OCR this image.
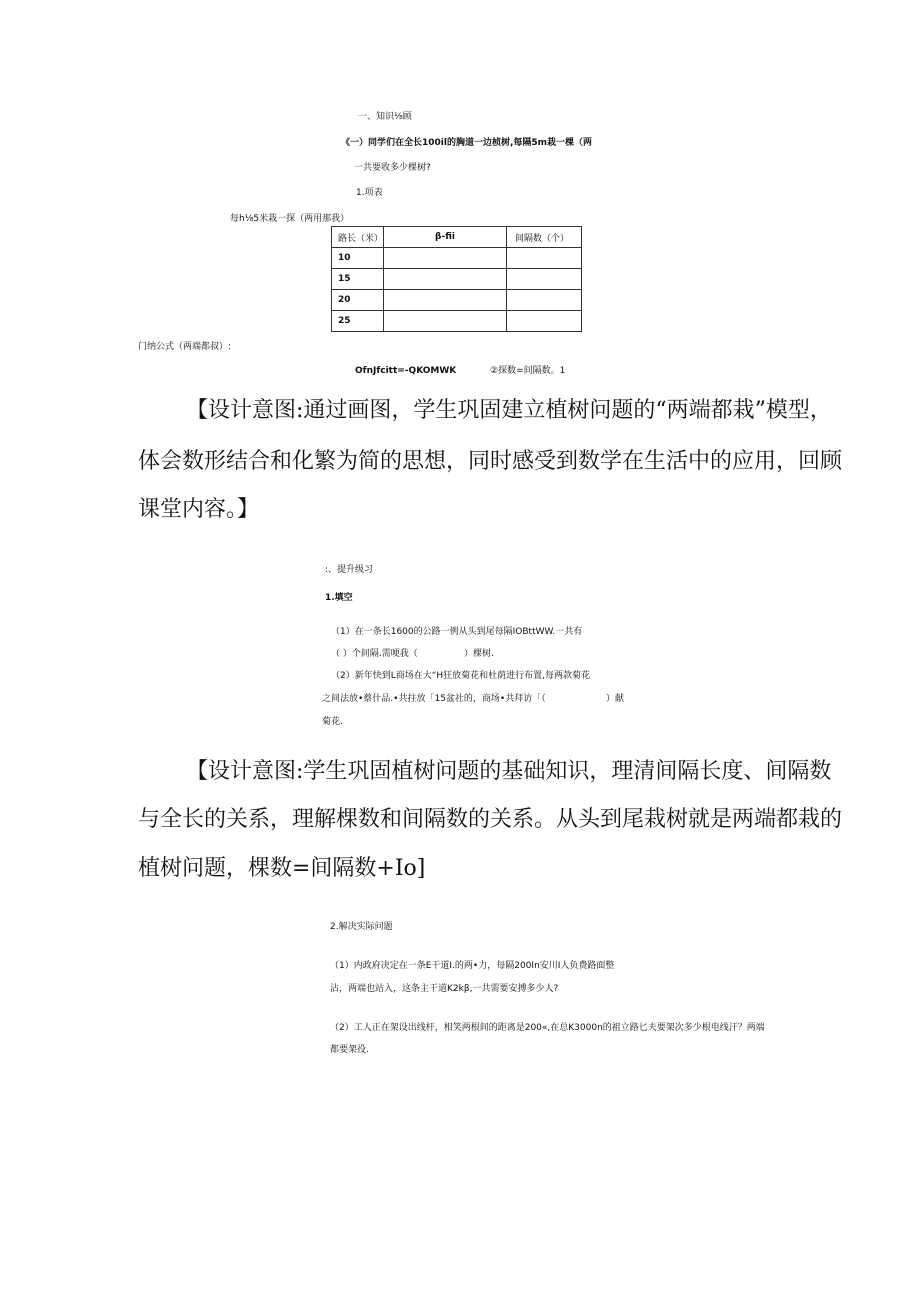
一、知识⅛顾
《一）同学们在全长100il的胸道一边桢树,每隔5m栽一棵（两
一共要收多少棵树?
1.项表
每h⅛5米栽一探（两用那我）
路长（米）	β-fii	间隔数（个）
10		
15		
20		
25		
门纳公式（两端都叔）:
OfnJfcitt=-QKOMWK	②探数=间隔数。1
【设计意图:通过画图，学生巩固建立植树问题的“两端都栽”模型，
体会数形结合和化繁为简的思想，同时感受到数学在生活中的应用，回顾
课堂内容。】
:、提升级习
1.填空
（1）在一条长1600的公路一例从头到尾每隔IOBttWW.一共有
（ ）个间隔.需哽我（	）棵树.
（2）新年快到L商场在大“H狂放菊花和杜荫进行布置,每两款菊花
之间法放•蔡什品.•共拄放「15盆社的，商场•共拜访「（	）献
菊花.
【设计意图:学生巩固植树问题的基础知识，理清间隔长度、间隔数
与全长的关系，理解棵数和间隔数的关系。从头到尾栽树就是两端都栽的
植树问题，棵数=间隔数+Io]
2.解决实际问题
（1）内政府决定在一条E干道I.的两•力，每隔200In安川I人负费路面整
沾，两端也站入，这条主干道K2kβ,一共需要安搏多少人?
（2）工人正在架设出线杆，相笑两根间的距离是200«,在总K3000n的祖立路匕夫要架次多少根电线汗？两端
都要架役.
